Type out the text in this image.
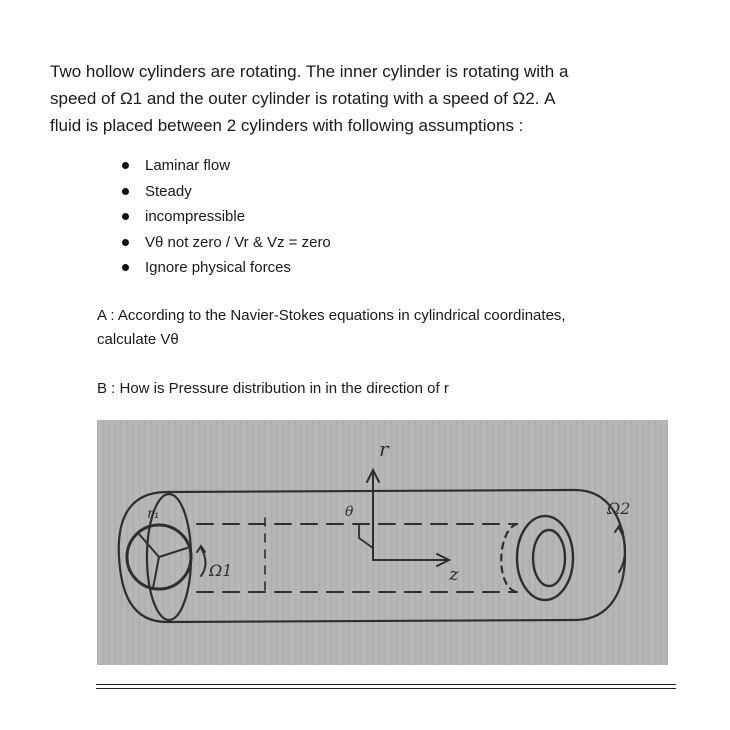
Two hollow cylinders are rotating. The inner cylinder is rotating with a
speed of Ω1 and the outer cylinder is rotating with a speed of Ω2. A
fluid is placed between 2 cylinders with following assumptions :
Laminar flow
Steady
incompressible
Vθ not zero / Vr & Vz = zero
Ignore physical forces
A : According to the Navier-Stokes equations in cylindrical coordinates,
calculate Vθ
B : How is Pressure distribution in in the direction of r
r
z
θ
r₁
Ω1
Ω2
